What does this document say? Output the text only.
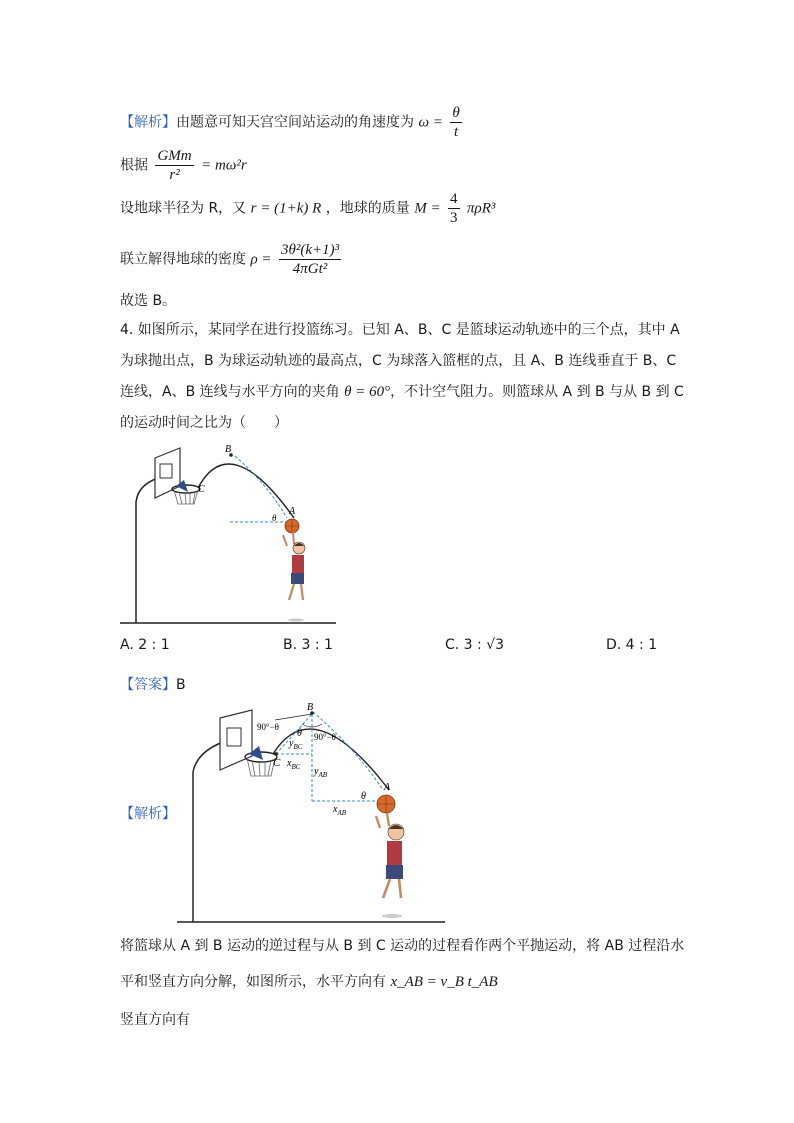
【解析】由题意可知天宫空间站运动的角速度为 $\omega = \frac{\theta}{t}$
根据 $\frac{\text{GMm}}{\text{r²}} = m\omega^2r$
设地球半径为 R，又 r = (1+k) R ，地球的质量 $M = \frac{4}{3} \pi\rho R^3$
联立解得地球的密度 $\rho = \frac{\text{3θ²(k+1)³}}{\text{4πGt²}}$
故选 B。
4. 如图所示，某同学在进行投篮练习。已知 A、B、C 是篮球运动轨迹中的三个点，其中 A
为球抛出点，B 为球运动轨迹的最高点，C 为球落入篮框的点，且 A、B 连线垂直于 B、C
连线，A、B 连线与水平方向的夹角 θ = 60°，不计空气阻力。则篮球从 A 到 B 与从 B 到 C
的运动时间之比为（　　）
B
C
A
θ
A. 2 : 1	B. 3 : 1	C. 3 : √3	D. 4 : 1
【答案】B
【解析】
B
C
A
θ
θ
90°−θ
90°−θ
$y_{BC}$
$x_{BC}$ $y_{AB}$
$x_{AB}$
将篮球从 A 到 B 运动的逆过程与从 B 到 C 运动的过程看作两个平抛运动，将 AB 过程沿水
平和竖直方向分解，如图所示，水平方向有 x_AB = v_B t_AB
竖直方向有
